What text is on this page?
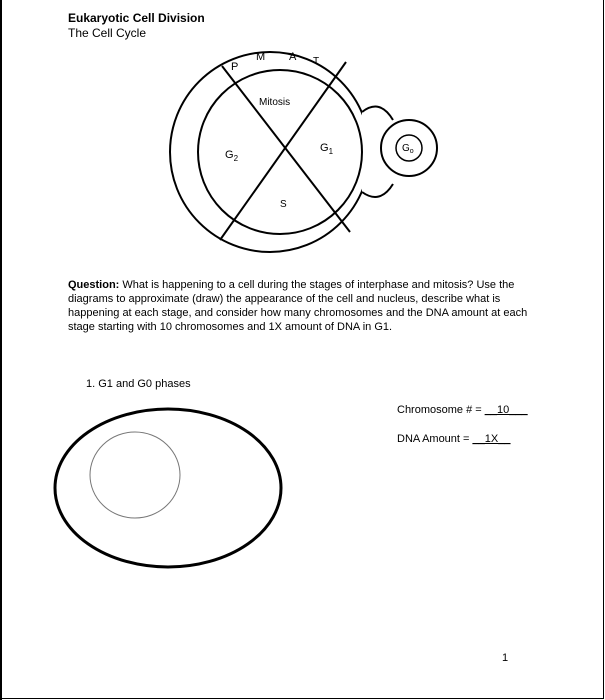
Eukaryotic Cell Division
The Cell Cycle
P
M A T
Mitosis
$G_2$
$G_1$
S
$G_o$
Question: What is happening to a cell during the stages of interphase and mitosis? Use the diagrams to approximate (draw) the appearance of the cell and nucleus, describe what is happening at each stage, and consider how many chromosomes and the DNA amount at each stage starting with 10 chromosomes and 1X amount of DNA in G1.
1. G1 and G0 phases
Chromosome # = __10___
DNA Amount = __1X__
1
